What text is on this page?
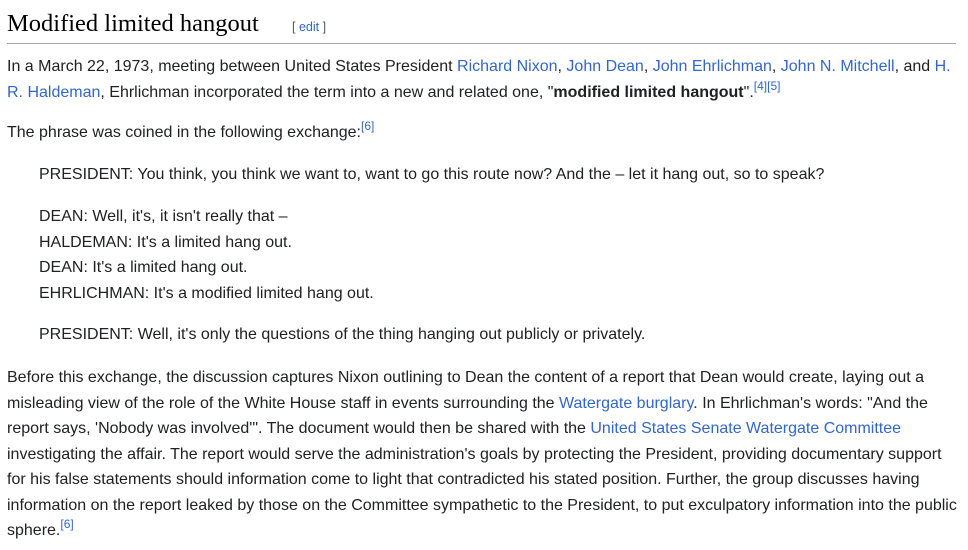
Modified limited hangout	[ edit ]

In a March 22, 1973, meeting between United States President Richard Nixon, John Dean, John Ehrlichman, John N. Mitchell, and H.
R. Haldeman, Ehrlichman incorporated the term into a new and related one, "modified limited hangout".[4][5]

The phrase was coined in the following exchange:[6]

PRESIDENT: You think, you think we want to, want to go this route now? And the – let it hang out, so to speak?
DEAN: Well, it's, it isn't really that –
HALDEMAN: It's a limited hang out.
DEAN: It's a limited hang out.
EHRLICHMAN: It's a modified limited hang out.
PRESIDENT: Well, it's only the questions of the thing hanging out publicly or privately.

Before this exchange, the discussion captures Nixon outlining to Dean the content of a report that Dean would create, laying out a misleading view of the role of the White House staff in events surrounding the Watergate burglary. In Ehrlichman's words: "And the report says, 'Nobody was involved'". The document would then be shared with the United States Senate Watergate Committee investigating the affair. The report would serve the administration's goals by protecting the President, providing documentary support for his false statements should information come to light that contradicted his stated position. Further, the group discusses having information on the report leaked by those on the Committee sympathetic to the President, to put exculpatory information into the public sphere.[6]
